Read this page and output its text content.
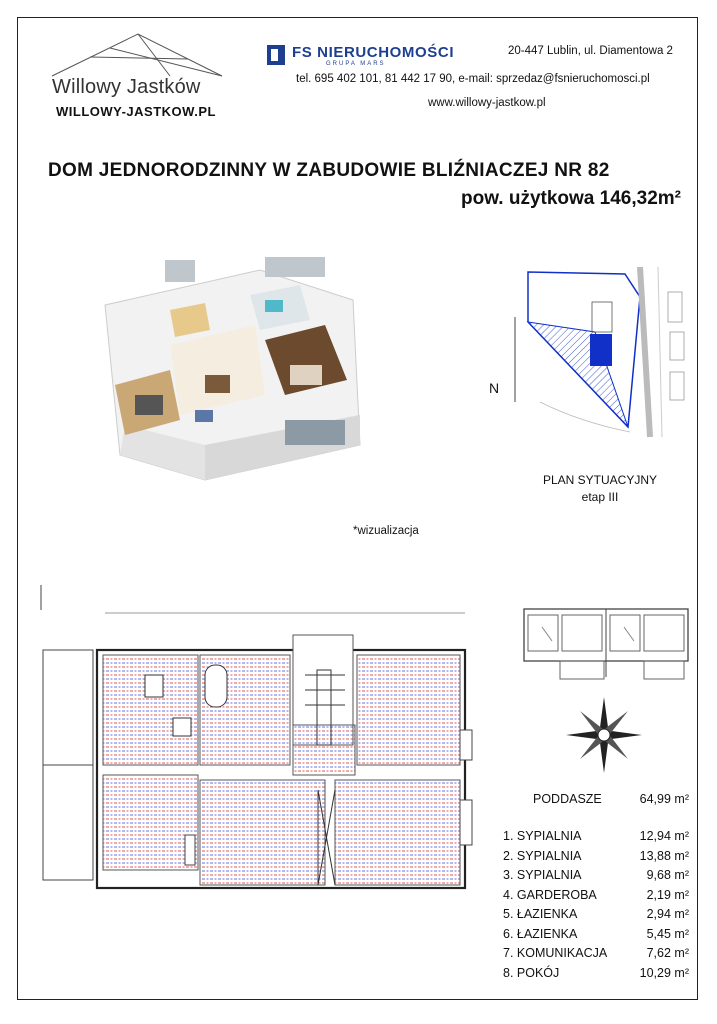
Willowy Jastków
WILLOWY-JASTKOW.PL
FS NIERUCHOMOŚCI
GRUPA MARS
20-447 Lublin, ul. Diamentowa 2
tel. 695 402 101, 81 442 17 90, e-mail: sprzedaz@fsnieruchomosci.pl
www.willowy-jastkow.pl
DOM JEDNORODZINNY W ZABUDOWIE BLIŹNIACZEJ NR 82
pow. użytkowa 146,32m²
*wizualizacja
N
PLAN SYTUACYJNY
etap III
PODDASZE	64,99 m²
1. SYPIALNIA	12,94 m²
2. SYPIALNIA	13,88 m²
3. SYPIALNIA	9,68 m²
4. GARDEROBA	2,19 m²
5. ŁAZIENKA	2,94 m²
6. ŁAZIENKA	5,45 m²
7. KOMUNIKACJA	7,62 m²
8. POKÓJ	10,29 m²
